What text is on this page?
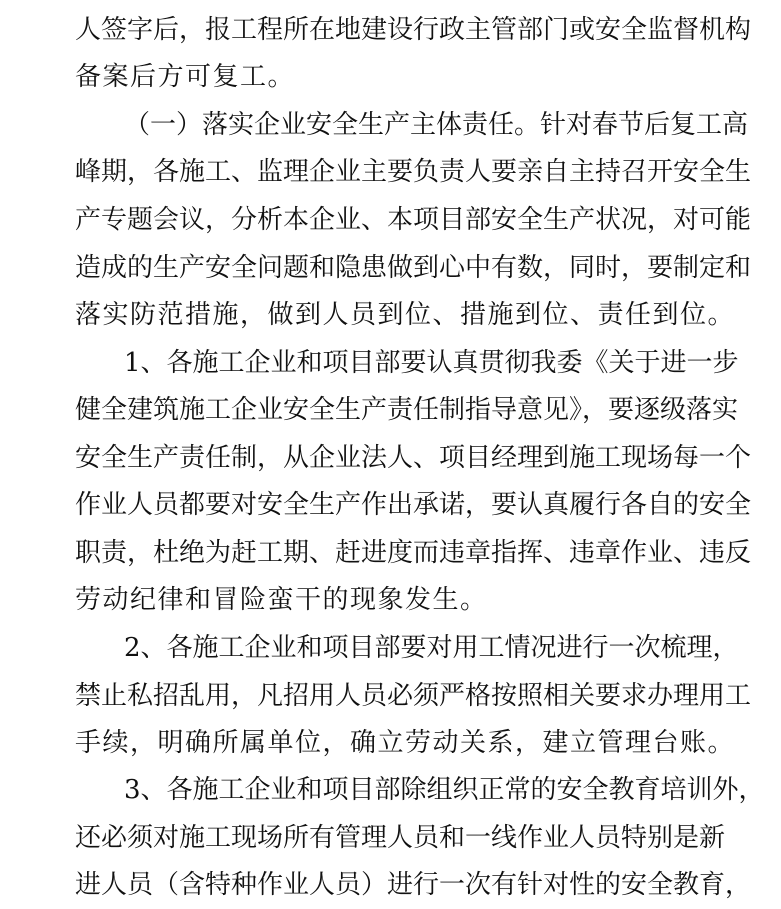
人签字后，报工程所在地建设行政主管部门或安全监督机构
备案后方可复工。
（一）落实企业安全生产主体责任。针对春节后复工高
峰期，各施工、监理企业主要负责人要亲自主持召开安全生
产专题会议，分析本企业、本项目部安全生产状况，对可能
造成的生产安全问题和隐患做到心中有数，同时，要制定和
落实防范措施，做到人员到位、措施到位、责任到位。
1、各施工企业和项目部要认真贯彻我委《关于进一步
健全建筑施工企业安全生产责任制指导意见》，要逐级落实
安全生产责任制，从企业法人、项目经理到施工现场每一个
作业人员都要对安全生产作出承诺，要认真履行各自的安全
职责，杜绝为赶工期、赶进度而违章指挥、违章作业、违反
劳动纪律和冒险蛮干的现象发生。
2、各施工企业和项目部要对用工情况进行一次梳理，
禁止私招乱用，凡招用人员必须严格按照相关要求办理用工
手续，明确所属单位，确立劳动关系，建立管理台账。
3、各施工企业和项目部除组织正常的安全教育培训外，
还必须对施工现场所有管理人员和一线作业人员特别是新
进人员（含特种作业人员）进行一次有针对性的安全教育，
